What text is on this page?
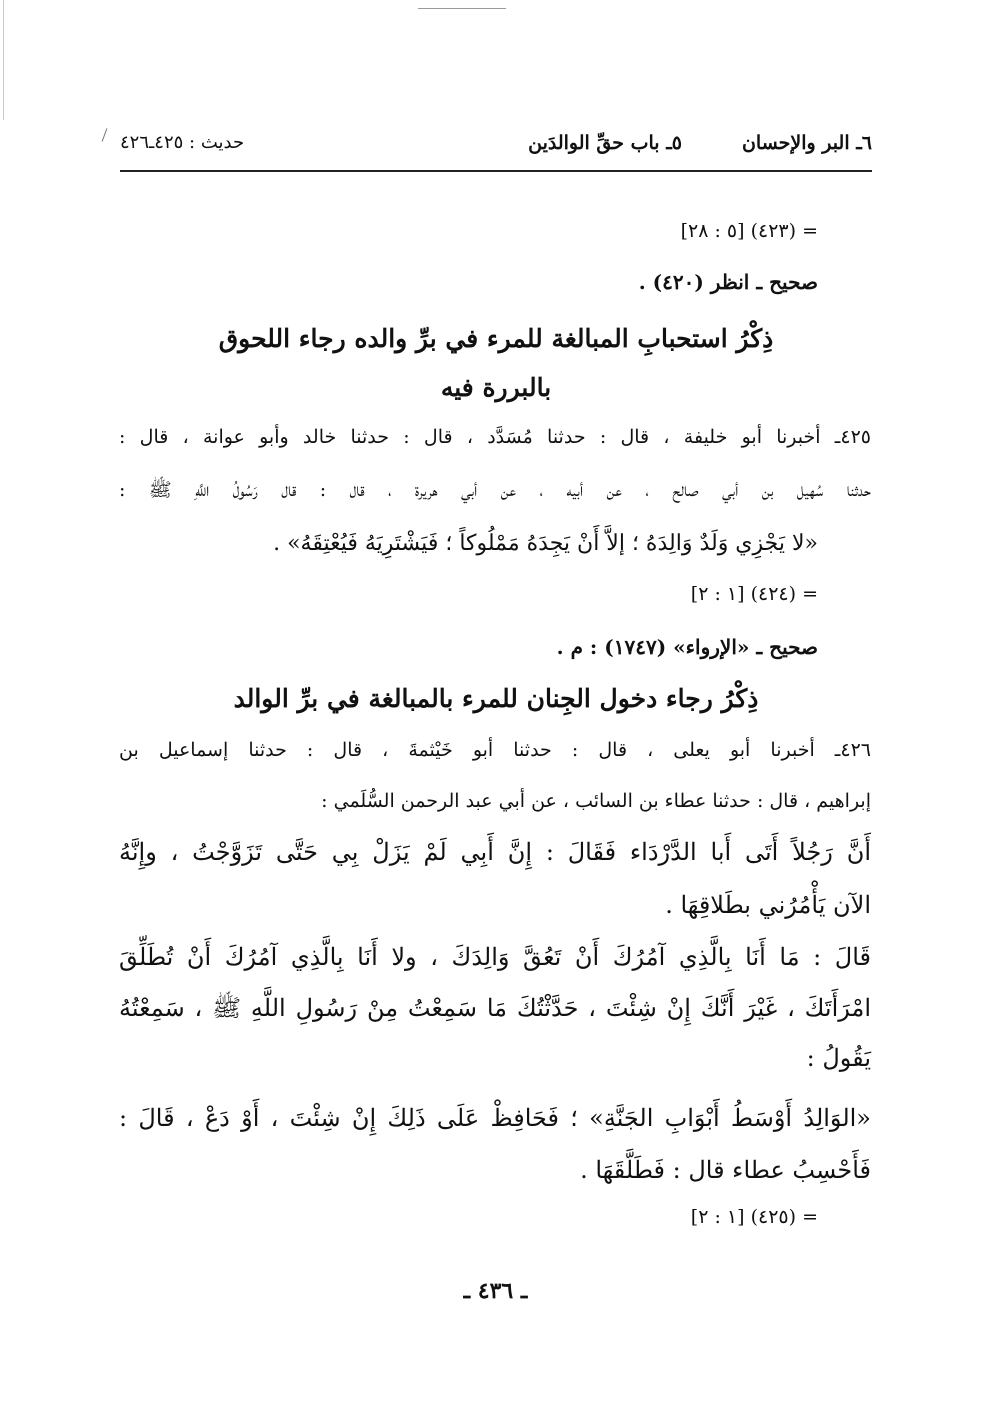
٦ـ البر والإحسان
٥ـ باب حقِّ الوالدَين
حديث : ٤٢٥ـ٤٢٦
= (٤٢٣) [٥ : ٢٨]
صحيح ـ انظر (٤٢٠) .
ذِكْرُ استحبابِ المبالغة للمرء في برِّ والده رجاء اللحوق
بالبررة فيه
٤٢٥ـ أخبرنا أبو خليفة ، قال : حدثنا مُسَدَّد ، قال : حدثنا خالد وأبو عوانة ، قال :
حدثنا سُهيل بن أبي صالح ، عن أبيه ، عن أبي هريرة ، قال : قال رَسُولُ اللَّهِ ﷺ :
«لا يَجْزِي وَلَدٌ وَالِدَهُ ؛ إلاَّ أَنْ يَجِدَهُ مَمْلُوكاً ؛ فَيَشْتَرِيَهُ فَيُعْتِقَهُ» .
= (٤٢٤) [١ : ٢]
صحيح ـ «الإرواء» (١٧٤٧) : م .
ذِكْرُ رجاء دخول الجِنان للمرء بالمبالغة في برِّ الوالد
٤٢٦ـ أخبرنا أبو يعلى ، قال : حدثنا أبو خَيْثمةَ ، قال : حدثنا إسماعيل بن
إبراهيم ، قال : حدثنا عطاء بن السائب ، عن أبي عبد الرحمن السُّلَمي :
أَنَّ رَجُلاً أَتَى أَبا الدَّرْدَاء فَقَالَ : إِنَّ أَبِي لَمْ يَزَلْ بِي حَتَّى تَزَوَّجْتُ ، وإِنَّهُ
الآن يَأْمُرُني بطَلاقِهَا .
قَالَ : مَا أَنَا بِالَّذِي آمُرُكَ أَنْ تَعُقَّ وَالِدَكَ ، ولا أَنَا بِالَّذِي آمُرُكَ أَنْ تُطَلِّقَ
امْرَأَتَكَ ، غَيْرَ أَنَّكَ إِنْ شِئْتَ ، حَدَّثْتُكَ مَا سَمِعْتُ مِنْ رَسُولِ اللَّهِ ﷺ ، سَمِعْتُهُ
يَقُولُ :
«الوَالِدُ أَوْسَطُ أَبْوَابِ الجَنَّةِ» ؛ فَحَافِظْ عَلَى ذَلِكَ إِنْ شِئْتَ ، أَوْ دَعْ ، قَالَ :
فَأَحْسِبُ عطاء قال : فَطَلَّقَهَا .
= (٤٢٥) [١ : ٢]
ـ ٤٣٦ ـ
